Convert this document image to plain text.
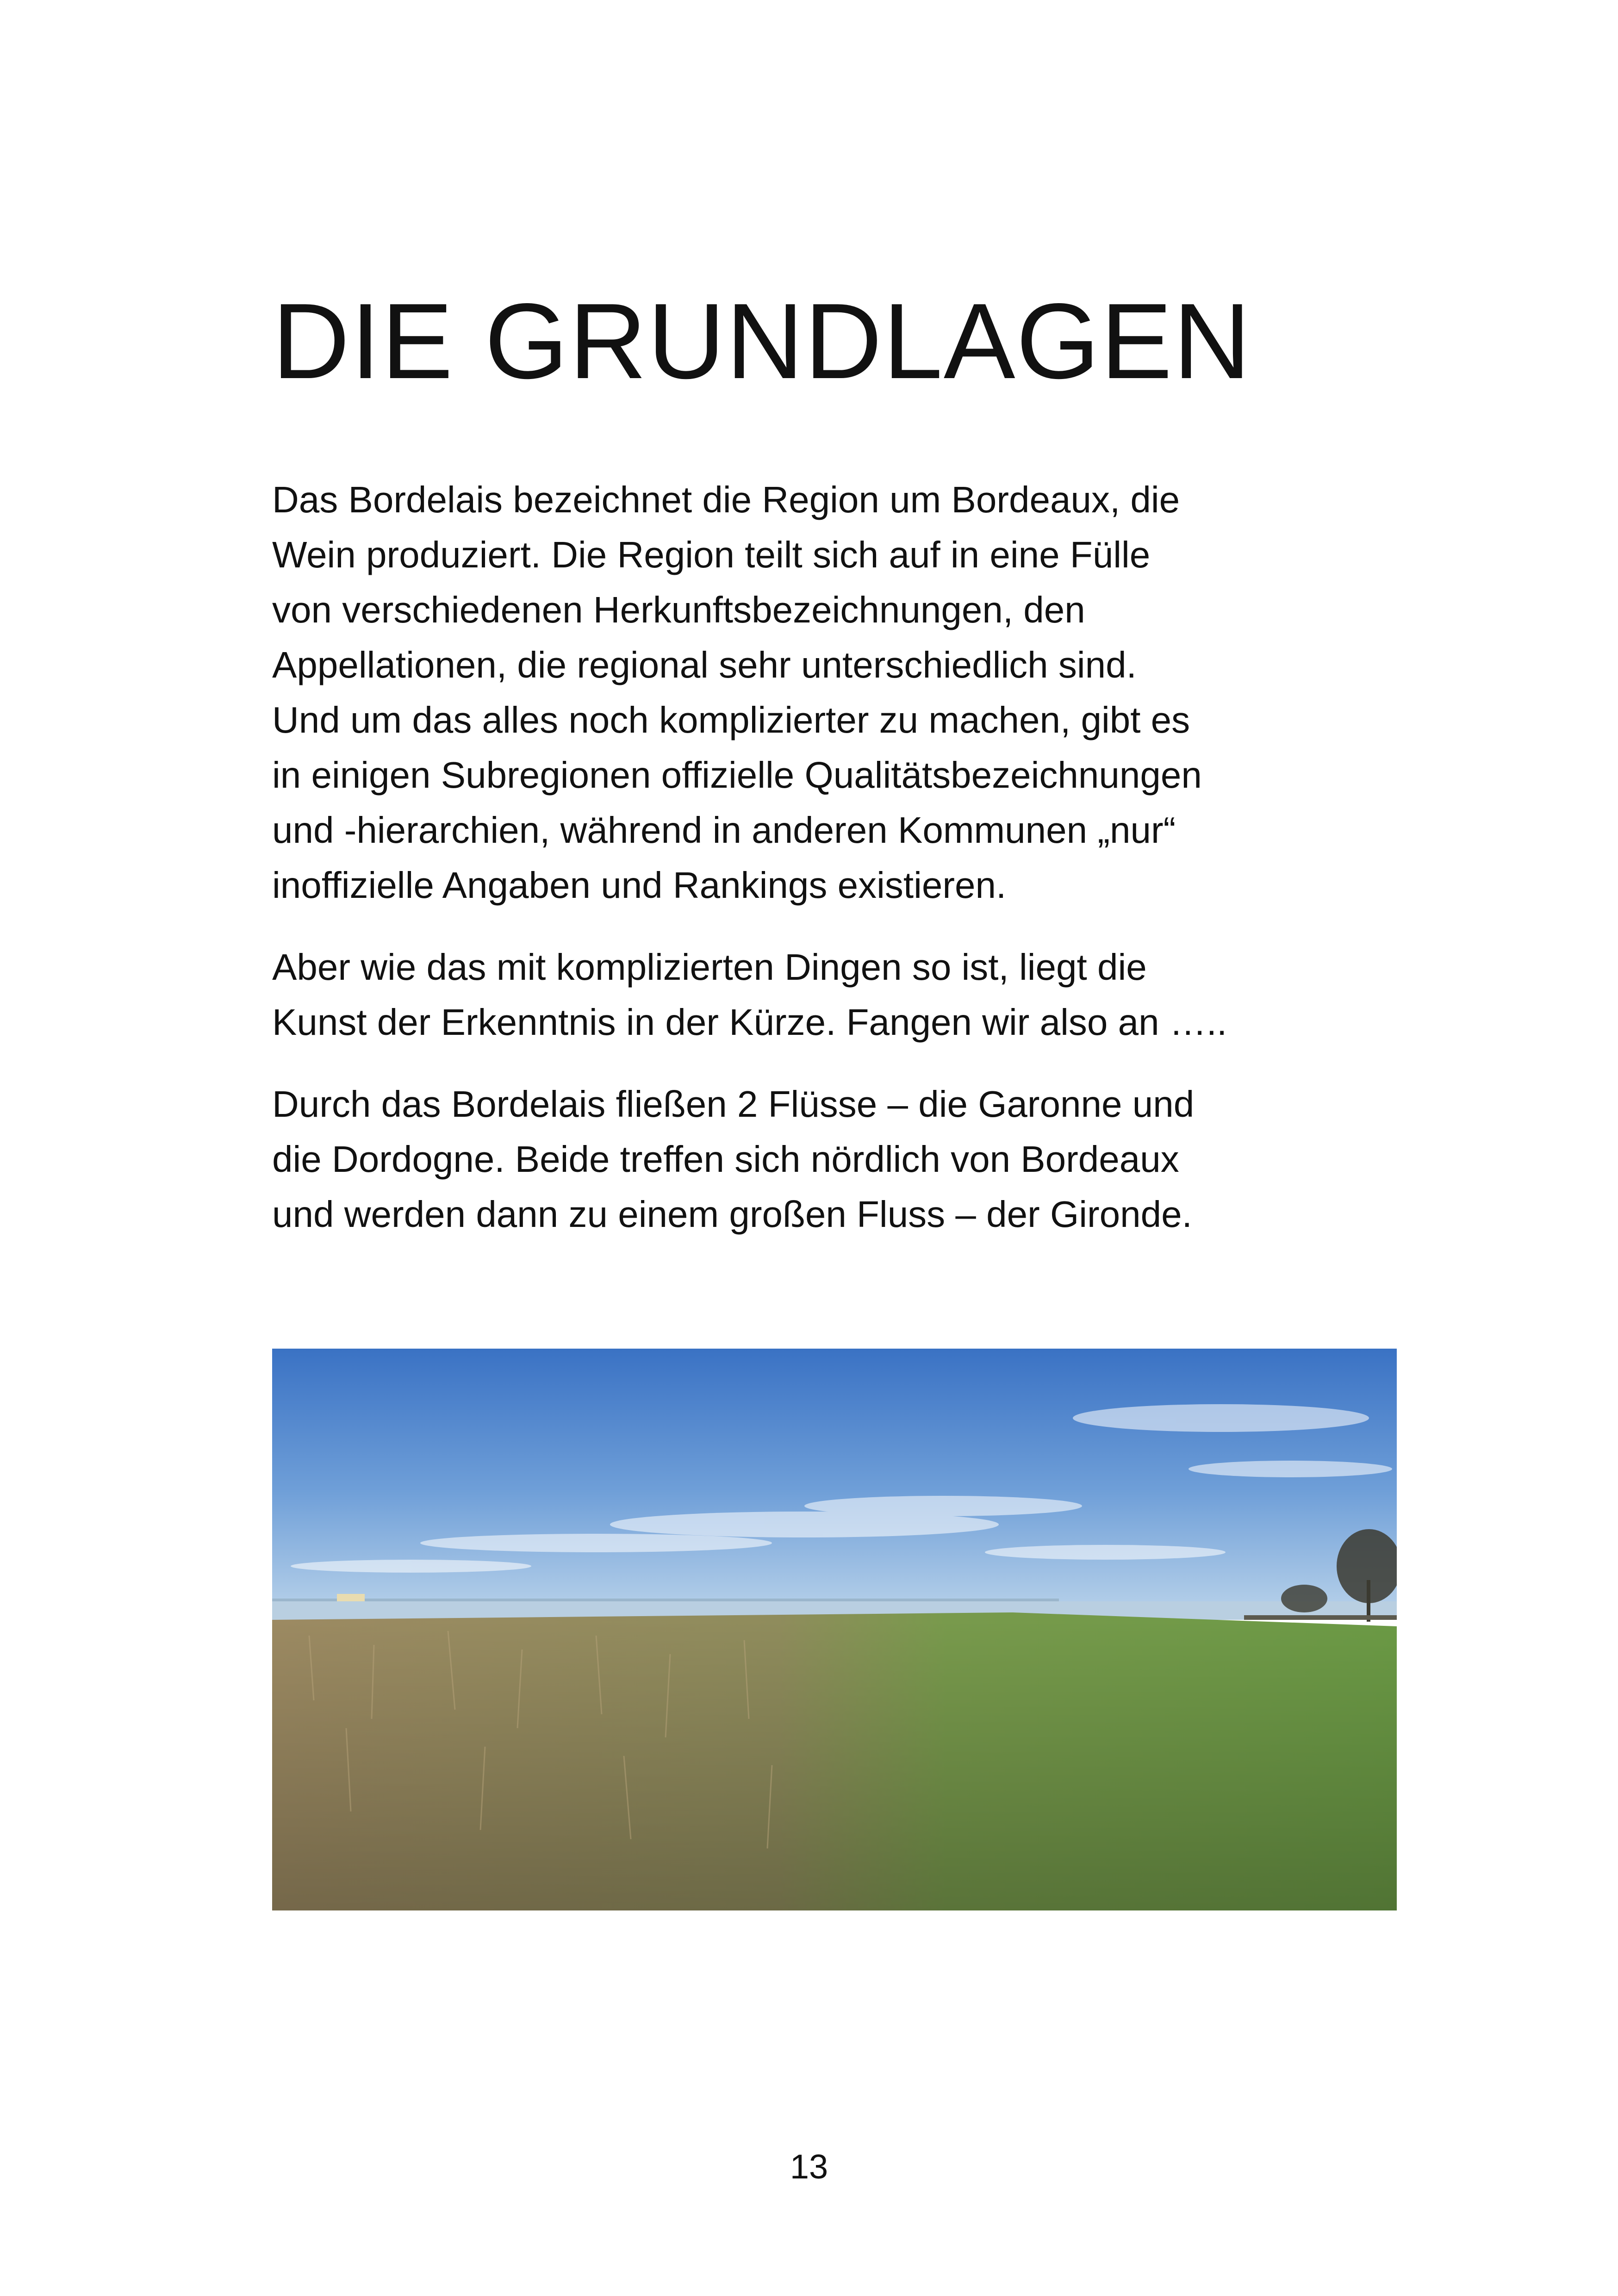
DIE GRUNDLAGEN

Das Bordelais bezeichnet die Region um Bordeaux, die
Wein produziert. Die Region teilt sich auf in eine Fülle
von verschiedenen Herkunftsbezeichnungen, den
Appellationen, die regional sehr unterschiedlich sind.
Und um das alles noch komplizierter zu machen, gibt es
in einigen Subregionen offizielle Qualitätsbezeichnungen
und -hierarchien, während in anderen Kommunen „nur“
inoffizielle Angaben und Rankings existieren.

Aber wie das mit komplizierten Dingen so ist, liegt die
Kunst der Erkenntnis in der Kürze. Fangen wir also an …..

Durch das Bordelais fließen 2 Flüsse – die Garonne und
die Dordogne. Beide treffen sich nördlich von Bordeaux
und werden dann zu einem großen Fluss – der Gironde.

13
